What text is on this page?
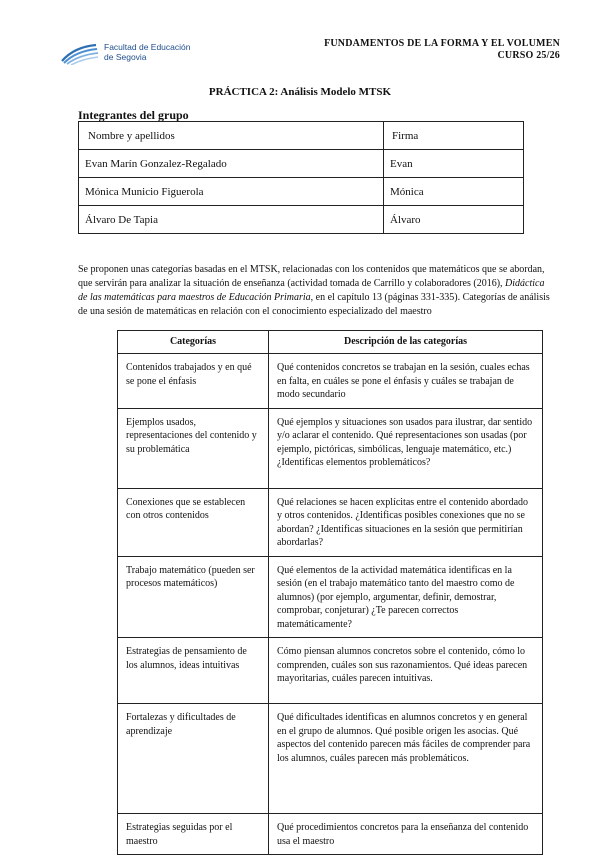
Facultad de Educación
de Segovia
FUNDAMENTOS DE LA FORMA Y EL VOLUMEN
CURSO 25/26
PRÁCTICA 2: Análisis Modelo MTSK
Integrantes del grupo
Nombre y apellidos	Firma
Evan Marín Gonzalez-Regalado	Evan
Mónica Municio Figuerola	Mónica
Álvaro De Tapia	Álvaro
Se proponen unas categorías basadas en el MTSK, relacionadas con los contenidos que matemáticos que se abordan, que servirán para analizar la situación de enseñanza (actividad tomada de Carrillo y colaboradores (2016), Didáctica de las matemáticas para maestros de Educación Primaria, en el capítulo 13 (páginas 331-335). Categorías de análisis de una sesión de matemáticas en relación con el conocimiento especializado del maestro
Categorías	Descripción de las categorías

Contenidos trabajados y en qué se pone el énfasis	Qué contenidos concretos se trabajan en la sesión, cuales echas en falta, en cuáles se pone el énfasis y cuáles se trabajan de modo secundario

Ejemplos usados, representaciones del contenido y su problemática	Qué ejemplos y situaciones son usados para ilustrar, dar sentido y/o aclarar el contenido. Qué representaciones son usadas (por ejemplo, pictóricas, simbólicas, lenguaje matemático, etc.) ¿Identificas elementos problemáticos?

Conexiones que se establecen con otros contenidos	Qué relaciones se hacen explícitas entre el contenido abordado y otros contenidos. ¿Identificas posibles conexiones que no se abordan? ¿Identificas situaciones en la sesión que permitirían abordarlas?

Trabajo matemático (pueden ser procesos matemáticos)	Qué elementos de la actividad matemática identificas en la sesión (en el trabajo matemático tanto del maestro como de alumnos) (por ejemplo, argumentar, definir, demostrar, comprobar, conjeturar) ¿Te parecen correctos matemáticamente?

Estrategias de pensamiento de los alumnos, ideas intuitivas	Cómo piensan alumnos concretos sobre el contenido, cómo lo comprenden, cuáles son sus razonamientos. Qué ideas parecen mayoritarias, cuáles parecen intuitivas.

Fortalezas y dificultades de aprendizaje	Qué dificultades identificas en alumnos concretos y en general en el grupo de alumnos. Qué posible origen les asocias. Qué aspectos del contenido parecen más fáciles de comprender para los alumnos, cuáles parecen más problemáticos.

Estrategias seguidas por el maestro	Qué procedimientos concretos para la enseñanza del contenido usa el maestro
